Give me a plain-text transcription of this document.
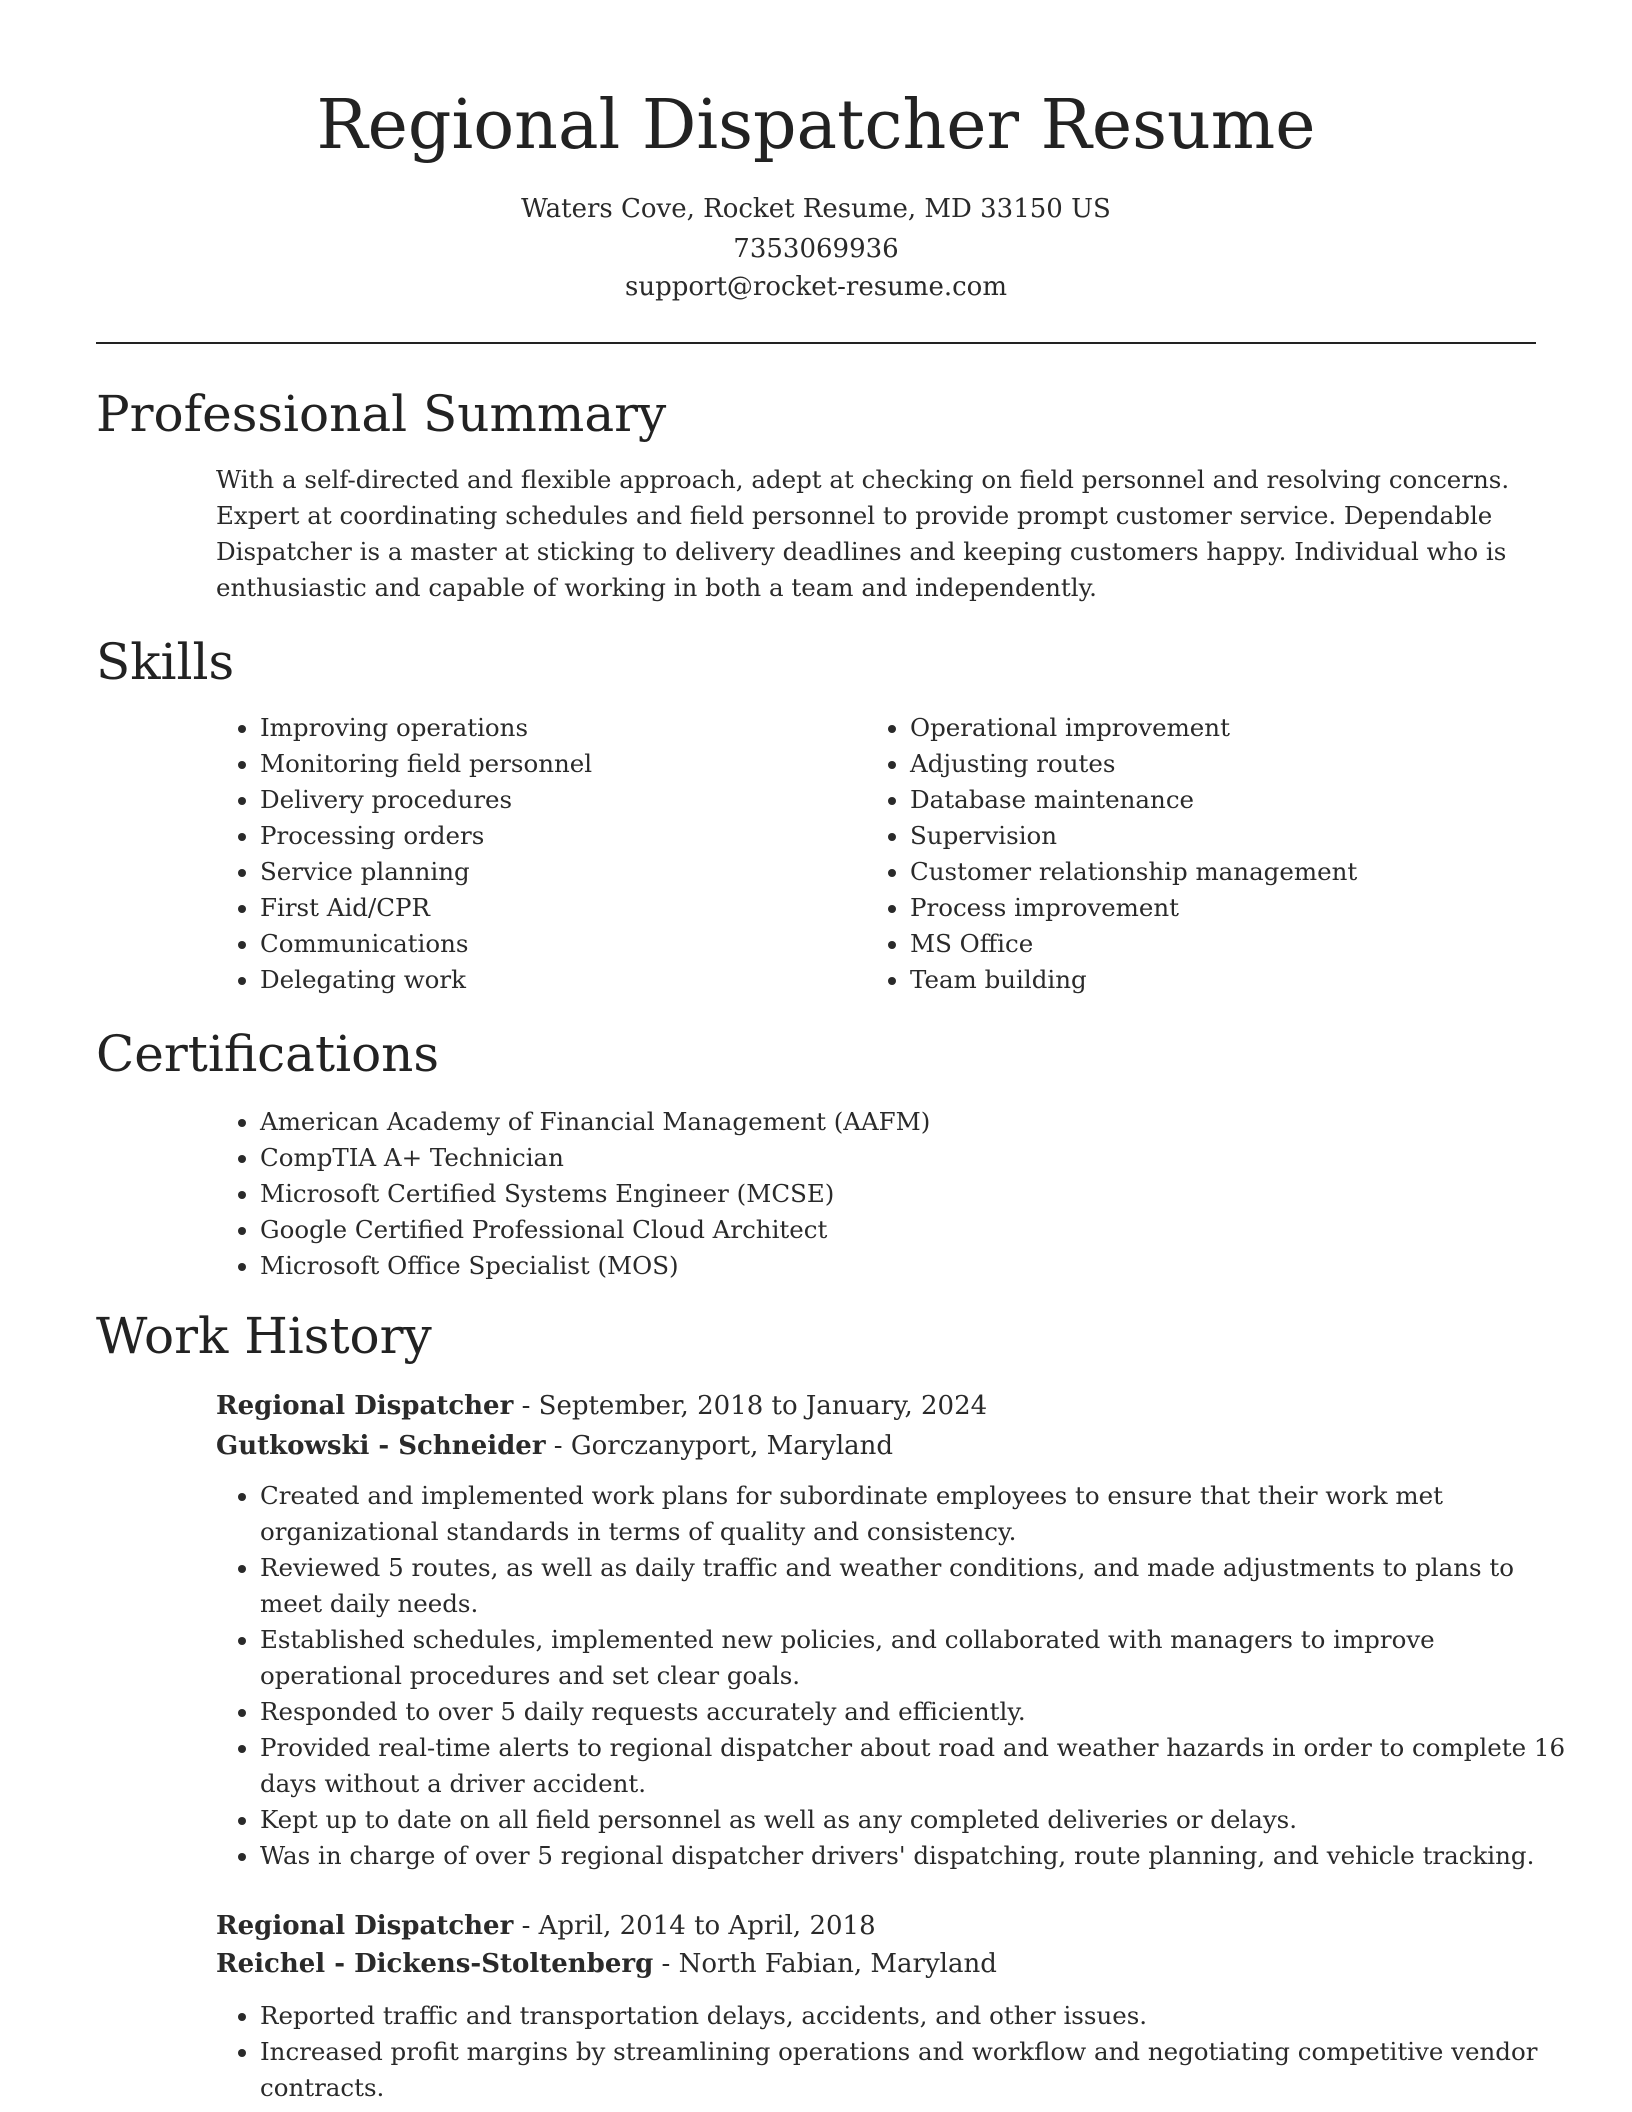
Regional Dispatcher Resume
Waters Cove, Rocket Resume, MD 33150 US
7353069936
support@rocket-resume.com
Professional Summary

With a self-directed and flexible approach, adept at checking on field personnel and resolving concerns. Expert at coordinating schedules and field personnel to provide prompt customer service. Dependable Dispatcher is a master at sticking to delivery deadlines and keeping customers happy. Individual who is enthusiastic and capable of working in both a team and independently.

Skills
• Improving operations
• Monitoring field personnel
• Delivery procedures
• Processing orders
• Service planning
• First Aid/CPR
• Communications
• Delegating work
• Operational improvement
• Adjusting routes
• Database maintenance
• Supervision
• Customer relationship management
• Process improvement
• MS Office
• Team building
Certifications
• American Academy of Financial Management (AAFM)
• CompTIA A+ Technician
• Microsoft Certified Systems Engineer (MCSE)
• Google Certified Professional Cloud Architect
• Microsoft Office Specialist (MOS)
Work History
Regional Dispatcher - September, 2018 to January, 2024
Gutkowski - Schneider - Gorczanyport, Maryland
• Created and implemented work plans for subordinate employees to ensure that their work met organizational standards in terms of quality and consistency.
• Reviewed 5 routes, as well as daily traffic and weather conditions, and made adjustments to plans to meet daily needs.
• Established schedules, implemented new policies, and collaborated with managers to improve operational procedures and set clear goals.
• Responded to over 5 daily requests accurately and efficiently.
• Provided real-time alerts to regional dispatcher about road and weather hazards in order to complete 16 days without a driver accident.
• Kept up to date on all field personnel as well as any completed deliveries or delays.
• Was in charge of over 5 regional dispatcher drivers' dispatching, route planning, and vehicle tracking.
Regional Dispatcher - April, 2014 to April, 2018
Reichel - Dickens-Stoltenberg - North Fabian, Maryland
• Reported traffic and transportation delays, accidents, and other issues.
• Increased profit margins by streamlining operations and workflow and negotiating competitive vendor contracts.
